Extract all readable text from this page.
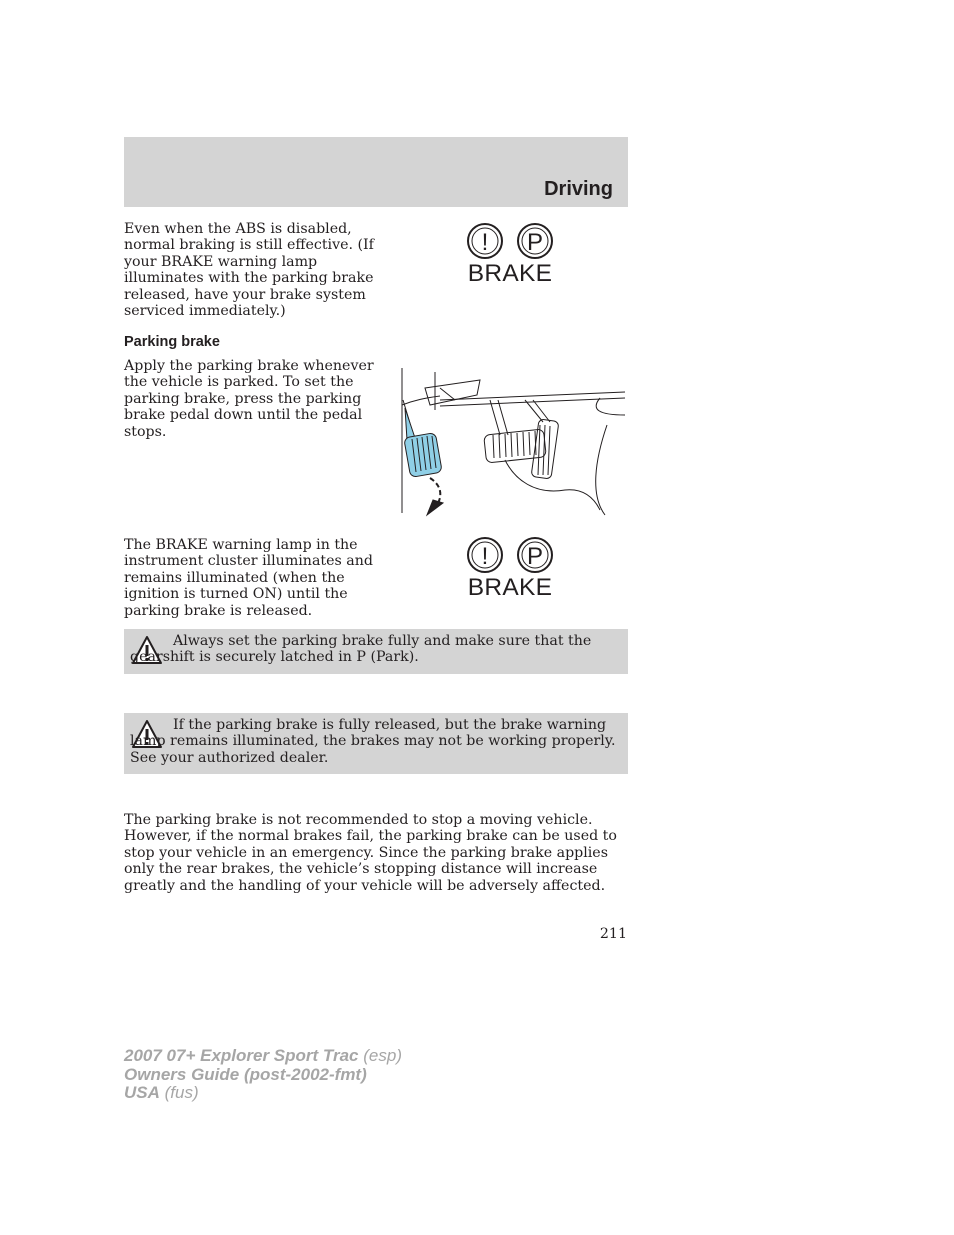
Driving

Even when the ABS is disabled, normal braking is still effective. (If your BRAKE warning lamp illuminates with the parking brake released, have your brake system serviced immediately.)

! P
BRAKE
Parking brake

Apply the parking brake whenever the vehicle is parked. To set the parking brake, press the parking brake pedal down until the pedal stops.

The BRAKE warning lamp in the instrument cluster illuminates and remains illuminated (when the ignition is turned ON) until the parking brake is released.

! P
BRAKE

Always set the parking brake fully and make sure that the gearshift is securely latched in P (Park).

If the parking brake is fully released, but the brake warning lamp remains illuminated, the brakes may not be working properly. See your authorized dealer.

The parking brake is not recommended to stop a moving vehicle. However, if the normal brakes fail, the parking brake can be used to stop your vehicle in an emergency. Since the parking brake applies only the rear brakes, the vehicle’s stopping distance will increase greatly and the handling of your vehicle will be adversely affected.

211
2007 07+ Explorer Sport Trac (esp)
Owners Guide (post-2002-fmt)
USA (fus)
